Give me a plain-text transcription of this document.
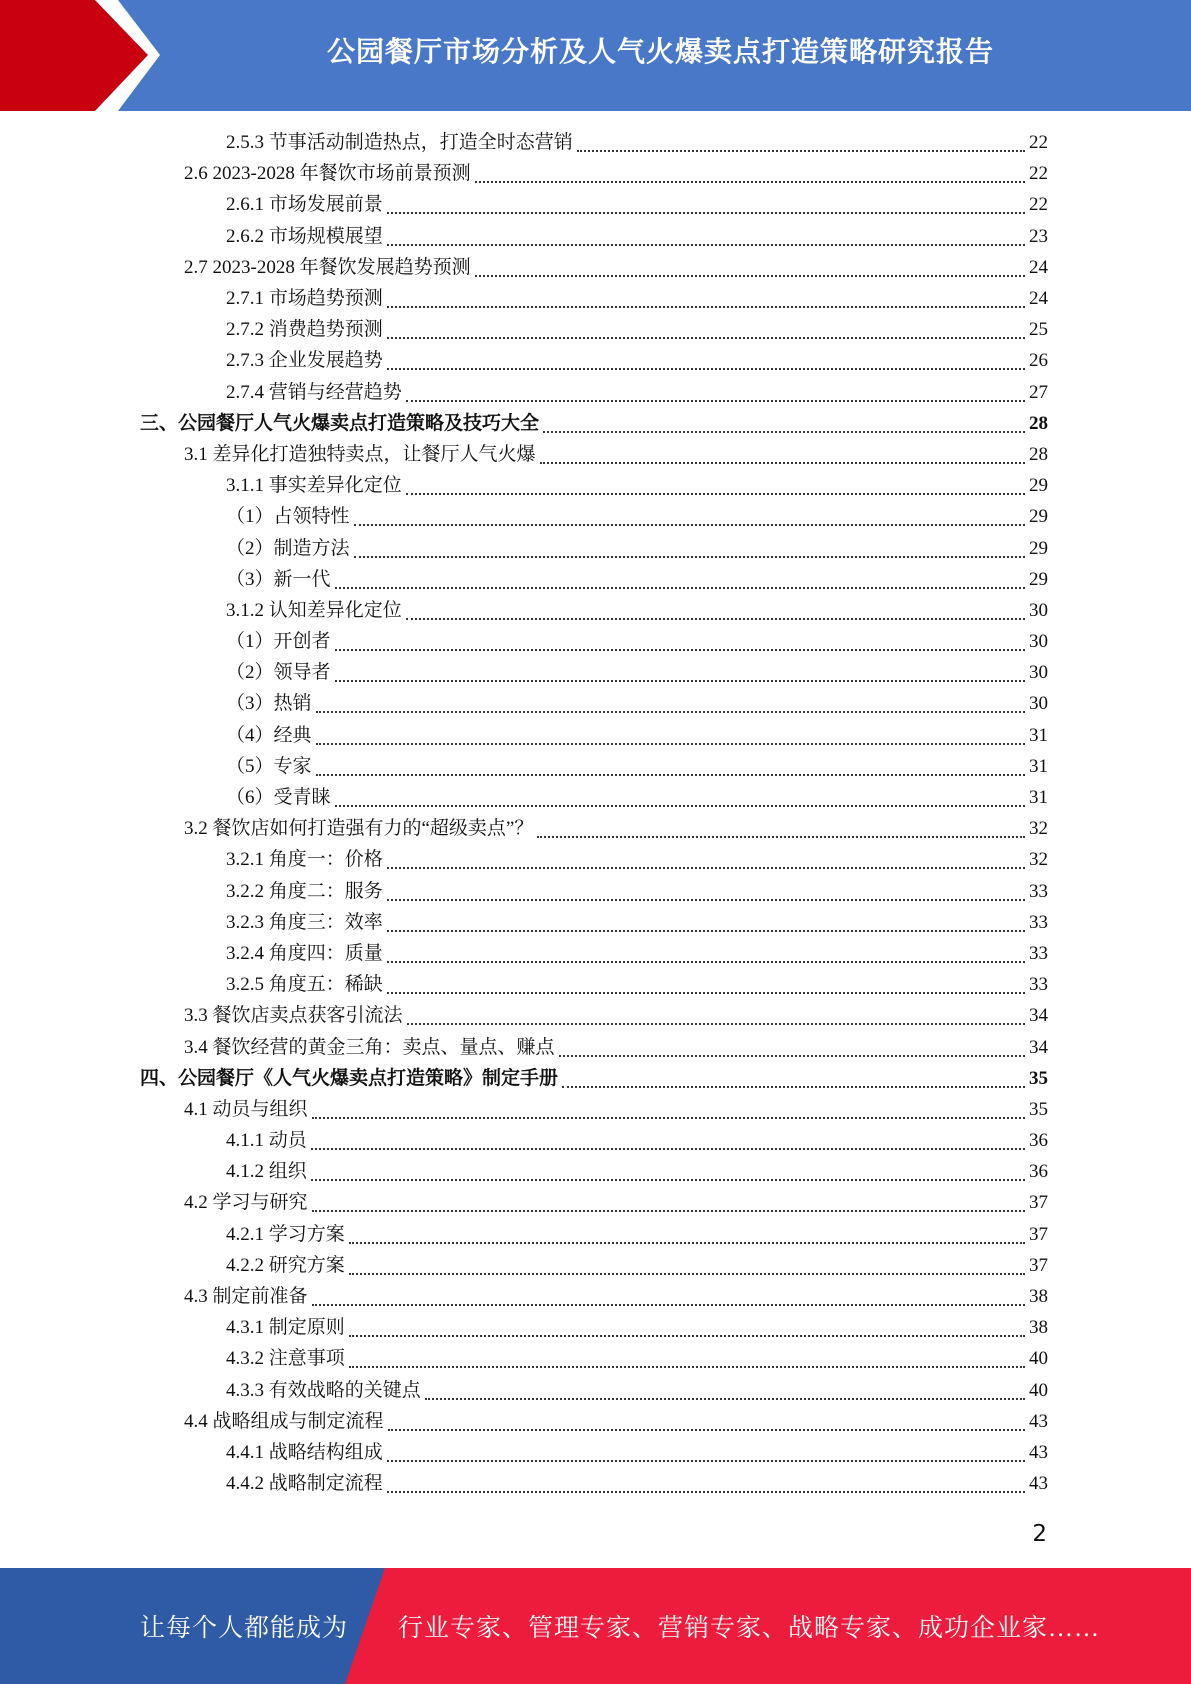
公园餐厅市场分析及人气火爆卖点打造策略研究报告
2.5.3 节事活动制造热点，打造全时态营销	22
2.6 2023-2028 年餐饮市场前景预测	22
2.6.1 市场发展前景	22
2.6.2 市场规模展望	23
2.7 2023-2028 年餐饮发展趋势预测	24
2.7.1 市场趋势预测	24
2.7.2 消费趋势预测	25
2.7.3 企业发展趋势	26
2.7.4 营销与经营趋势	27
三、公园餐厅人气火爆卖点打造策略及技巧大全	28
3.1 差异化打造独特卖点，让餐厅人气火爆	28
3.1.1 事实差异化定位	29
（1）占领特性	29
（2）制造方法	29
（3）新一代	29
3.1.2 认知差异化定位	30
（1）开创者	30
（2）领导者	30
（3）热销	30
（4）经典	31
（5）专家	31
（6）受青睐	31
3.2 餐饮店如何打造强有力的“超级卖点”？	32
3.2.1 角度一：价格	32
3.2.2 角度二：服务	33
3.2.3 角度三：效率	33
3.2.4 角度四：质量	33
3.2.5 角度五：稀缺	33
3.3 餐饮店卖点获客引流法	34
3.4 餐饮经营的黄金三角：卖点、量点、赚点	34
四、公园餐厅《人气火爆卖点打造策略》制定手册	35
4.1 动员与组织	35
4.1.1 动员	36
4.1.2 组织	36
4.2 学习与研究	37
4.2.1 学习方案	37
4.2.2 研究方案	37
4.3 制定前准备	38
4.3.1 制定原则	38
4.3.2 注意事项	40
4.3.3 有效战略的关键点	40
4.4 战略组成与制定流程	43
4.4.1 战略结构组成	43
4.4.2 战略制定流程	43
2
让每个人都能成为 行业专家、管理专家、营销专家、战略专家、成功企业家……
